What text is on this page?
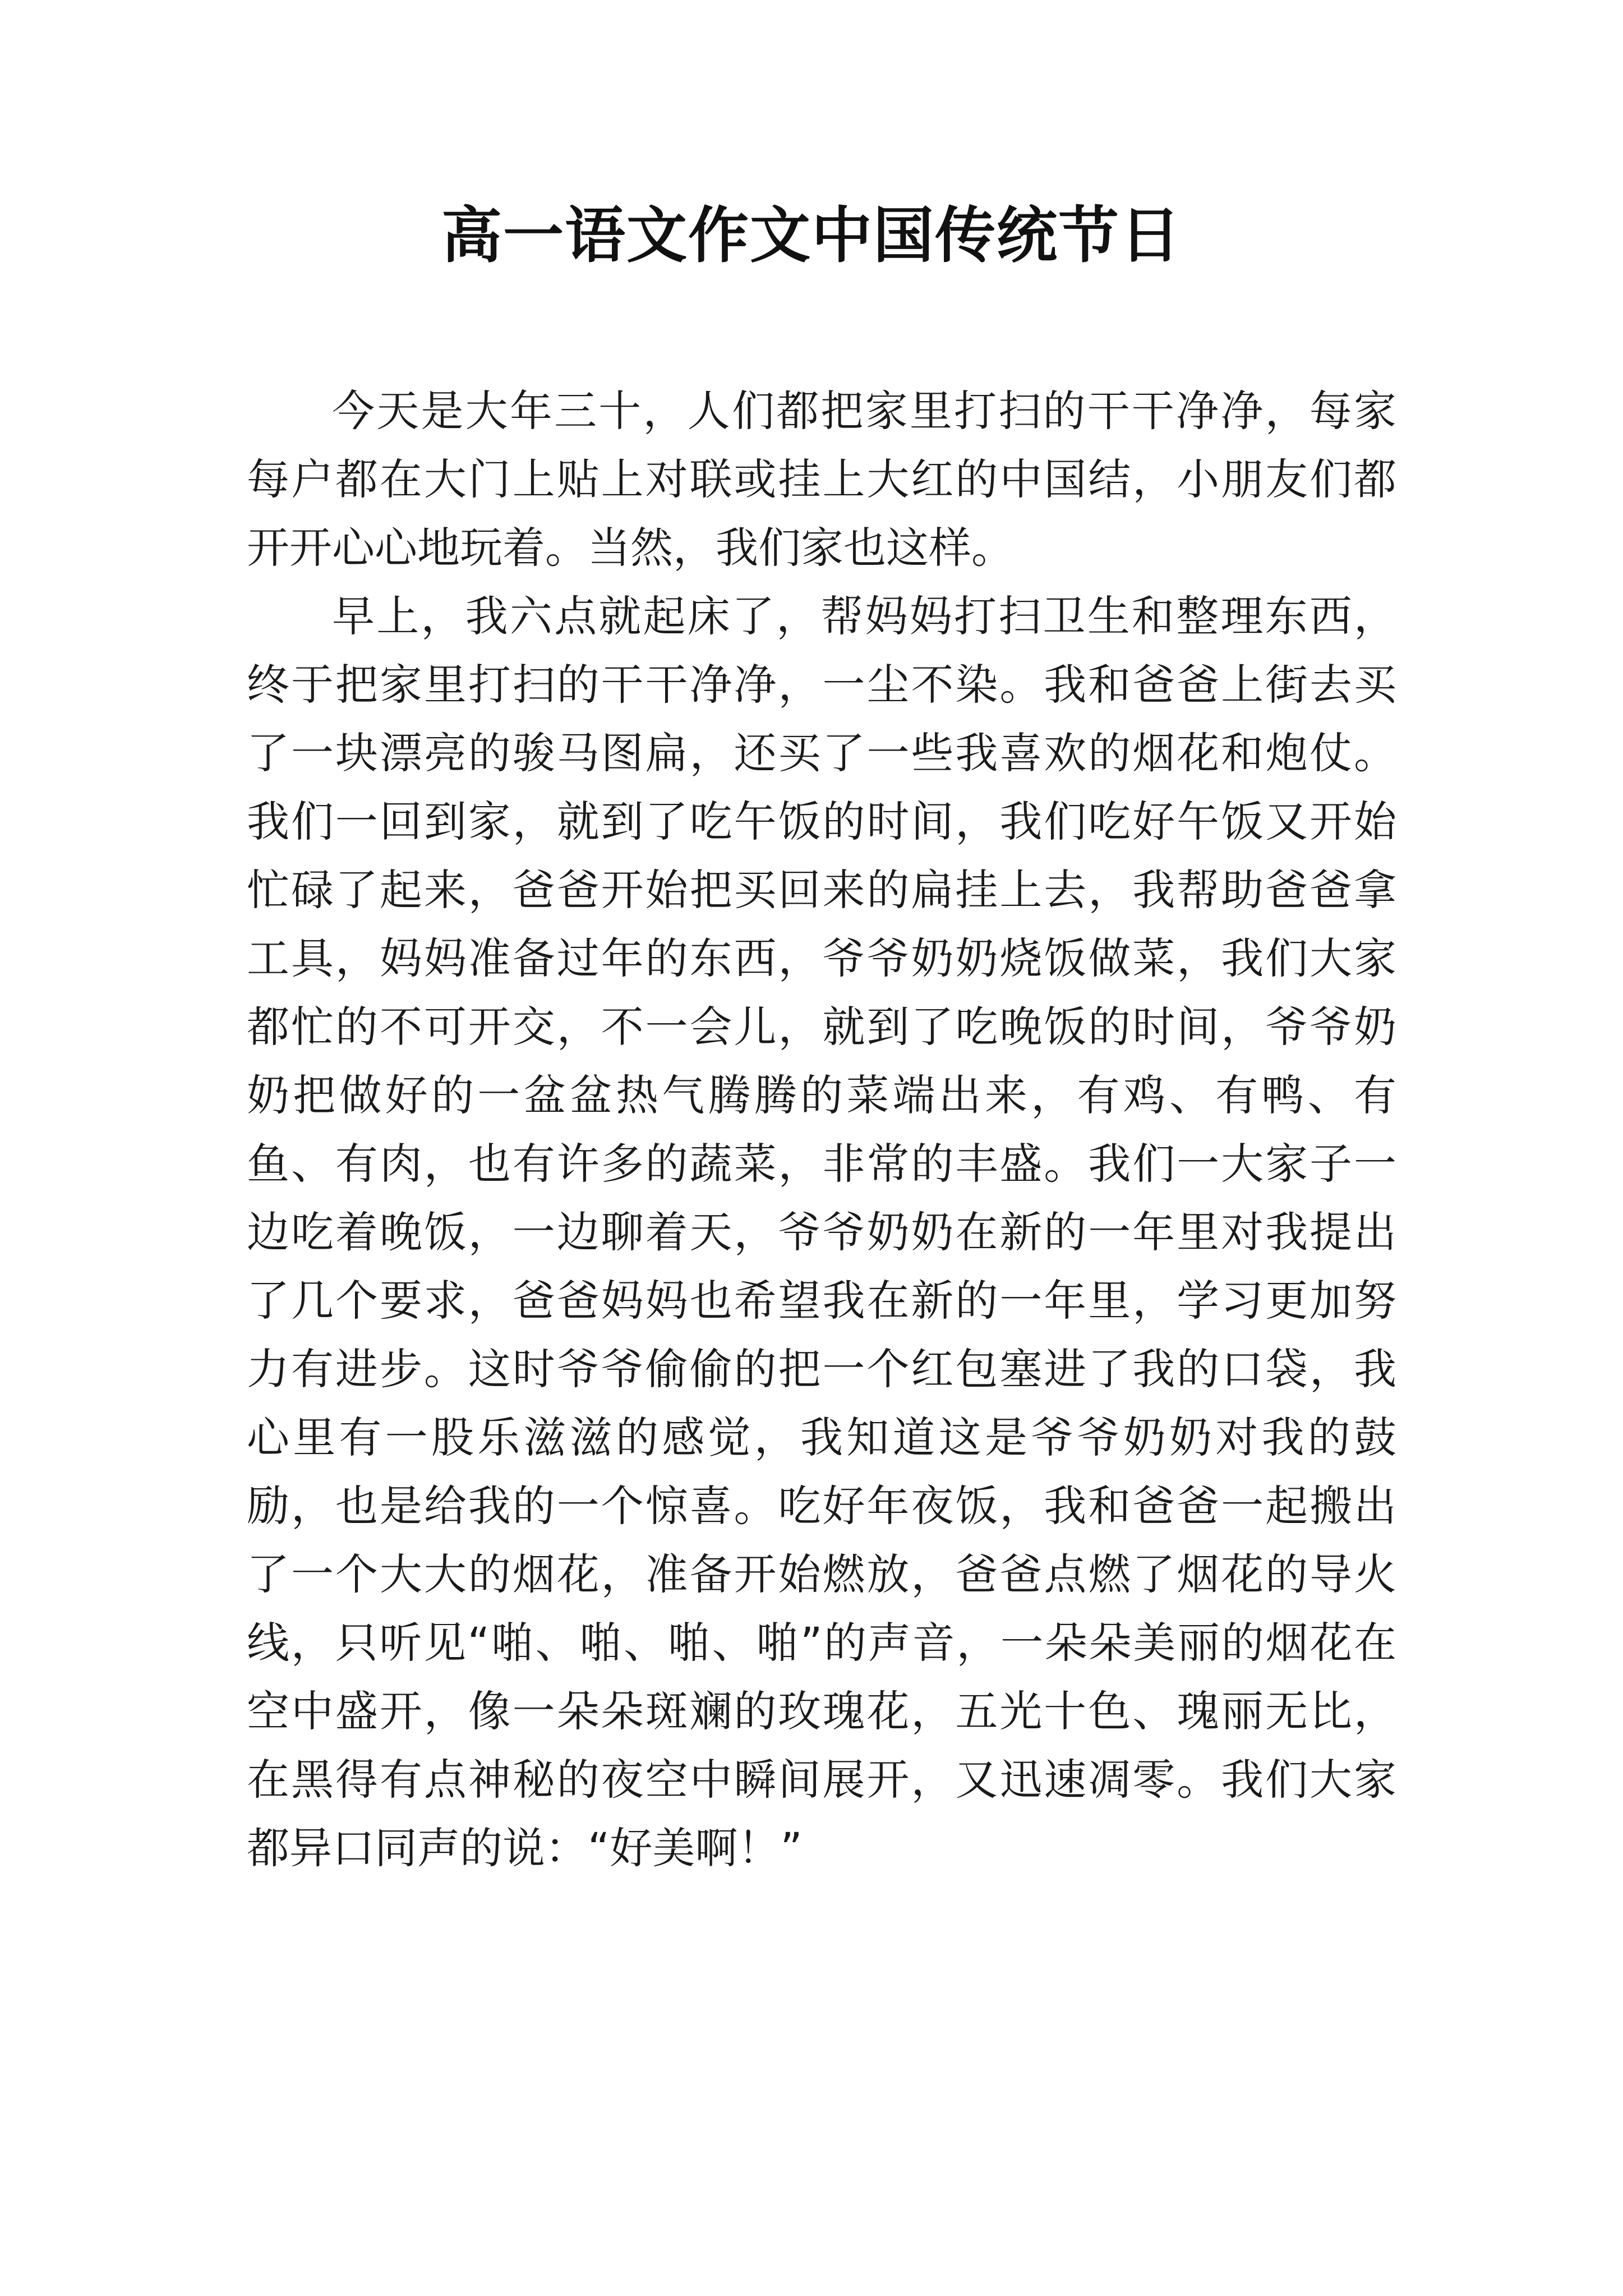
高一语文作文中国传统节日

今天是大年三十，人们都把家里打扫的干干净净，每家每户都在大门上贴上对联或挂上大红的中国结，小朋友们都开开心心地玩着。当然，我们家也这样。

早上，我六点就起床了，帮妈妈打扫卫生和整理东西，终于把家里打扫的干干净净，一尘不染。我和爸爸上街去买了一块漂亮的骏马图扁，还买了一些我喜欢的烟花和炮仗。我们一回到家，就到了吃午饭的时间，我们吃好午饭又开始忙碌了起来，爸爸开始把买回来的扁挂上去，我帮助爸爸拿工具，妈妈准备过年的东西，爷爷奶奶烧饭做菜，我们大家都忙的不可开交，不一会儿，就到了吃晚饭的时间，爷爷奶奶把做好的一盆盆热气腾腾的菜端出来，有鸡、有鸭、有鱼、有肉，也有许多的蔬菜，非常的丰盛。我们一大家子一边吃着晚饭，一边聊着天，爷爷奶奶在新的一年里对我提出了几个要求，爸爸妈妈也希望我在新的一年里，学习更加努力有进步。这时爷爷偷偷的把一个红包塞进了我的口袋，我心里有一股乐滋滋的感觉，我知道这是爷爷奶奶对我的鼓励，也是给我的一个惊喜。吃好年夜饭，我和爸爸一起搬出了一个大大的烟花，准备开始燃放，爸爸点燃了烟花的导火线，只听见“啪、啪、啪、啪”的声音，一朵朵美丽的烟花在空中盛开，像一朵朵斑斓的玫瑰花，五光十色、瑰丽无比，在黑得有点神秘的夜空中瞬间展开，又迅速凋零。我们大家都异口同声的说：“好美啊！”
